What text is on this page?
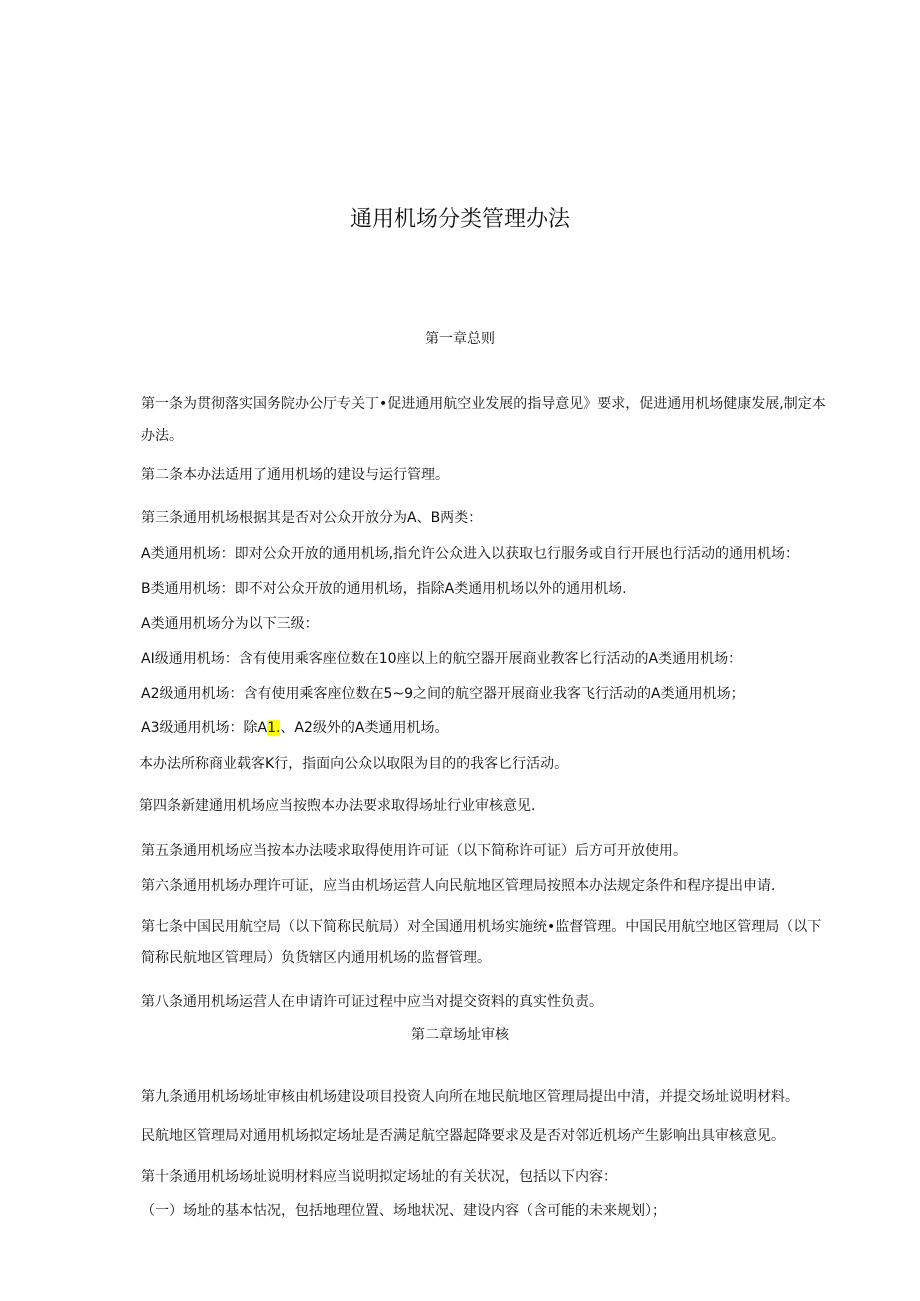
通用机场分类管理办法
第一章总则
第一条为贯彻落实国务院办公厅专关丁•促进通用航空业发展的指导意见》要求，促进通用机场健康发展,制定本
办法。
第二条本办法适用了通用机场的建设与运行管理。
第三条通用机场根据其是否对公众开放分为A、B两类：
A类通用机场：即对公众开放的通用机场,指允许公众进入以获取乜行服务或自行开展也行活动的通用机场：
B类通用机场：即不对公众开放的通用机场，指除A类通用机场以外的通用机场.
A类通用机场分为以下三级：
AI级通用机场：含有使用乘客座位数在10座以上的航空器开展商业教客匕行活动的A类通用机场：
A2级通用机场：含有使用乘客座位数在5~9之间的航空器开展商业我客飞行活动的A类通用机场；
A3级通用机场：除A1.、A2级外的A类通用机场。
本办法所称商业载客K行，指面向公众以取限为目的的我客匕行活动。
第四条新建通用机场应当按煦本办法要求取得场址行业审核意见.
第五条通用机场应当按本办法唛求取得使用许可证（以下简称许可证）后方可开放使用。
第六条通用机场办理许可证，应当由机场运营人向民航地区管理局按照本办法规定条件和程序提出申请.
第七条中国民用航空局（以下简称民航局）对全国通用机场实施统•监督管理。中国民用航空地区管理局（以下
简称民航地区管理局）负货辖区内通用机场的监督管理。
第八条通用机场运营人在申请许可证过程中应当对提交资料的真实性负责。
第二章场址审核
第九条通用机场场址审核由机场建设项目投资人向所在地民航地区管理局提出中清，并提交场址说明材料。
民航地区管理局对通用机场拟定场址是否满足航空器起降要求及是否对邻近机场产生影响出具审核意见。
第十条通用机场场址说明材料应当说明拟定场址的有关状况，包括以下内容：
（一）场址的基本怙况，包括地理位置、场地状况、建设内容（含可能的未来规划）；
